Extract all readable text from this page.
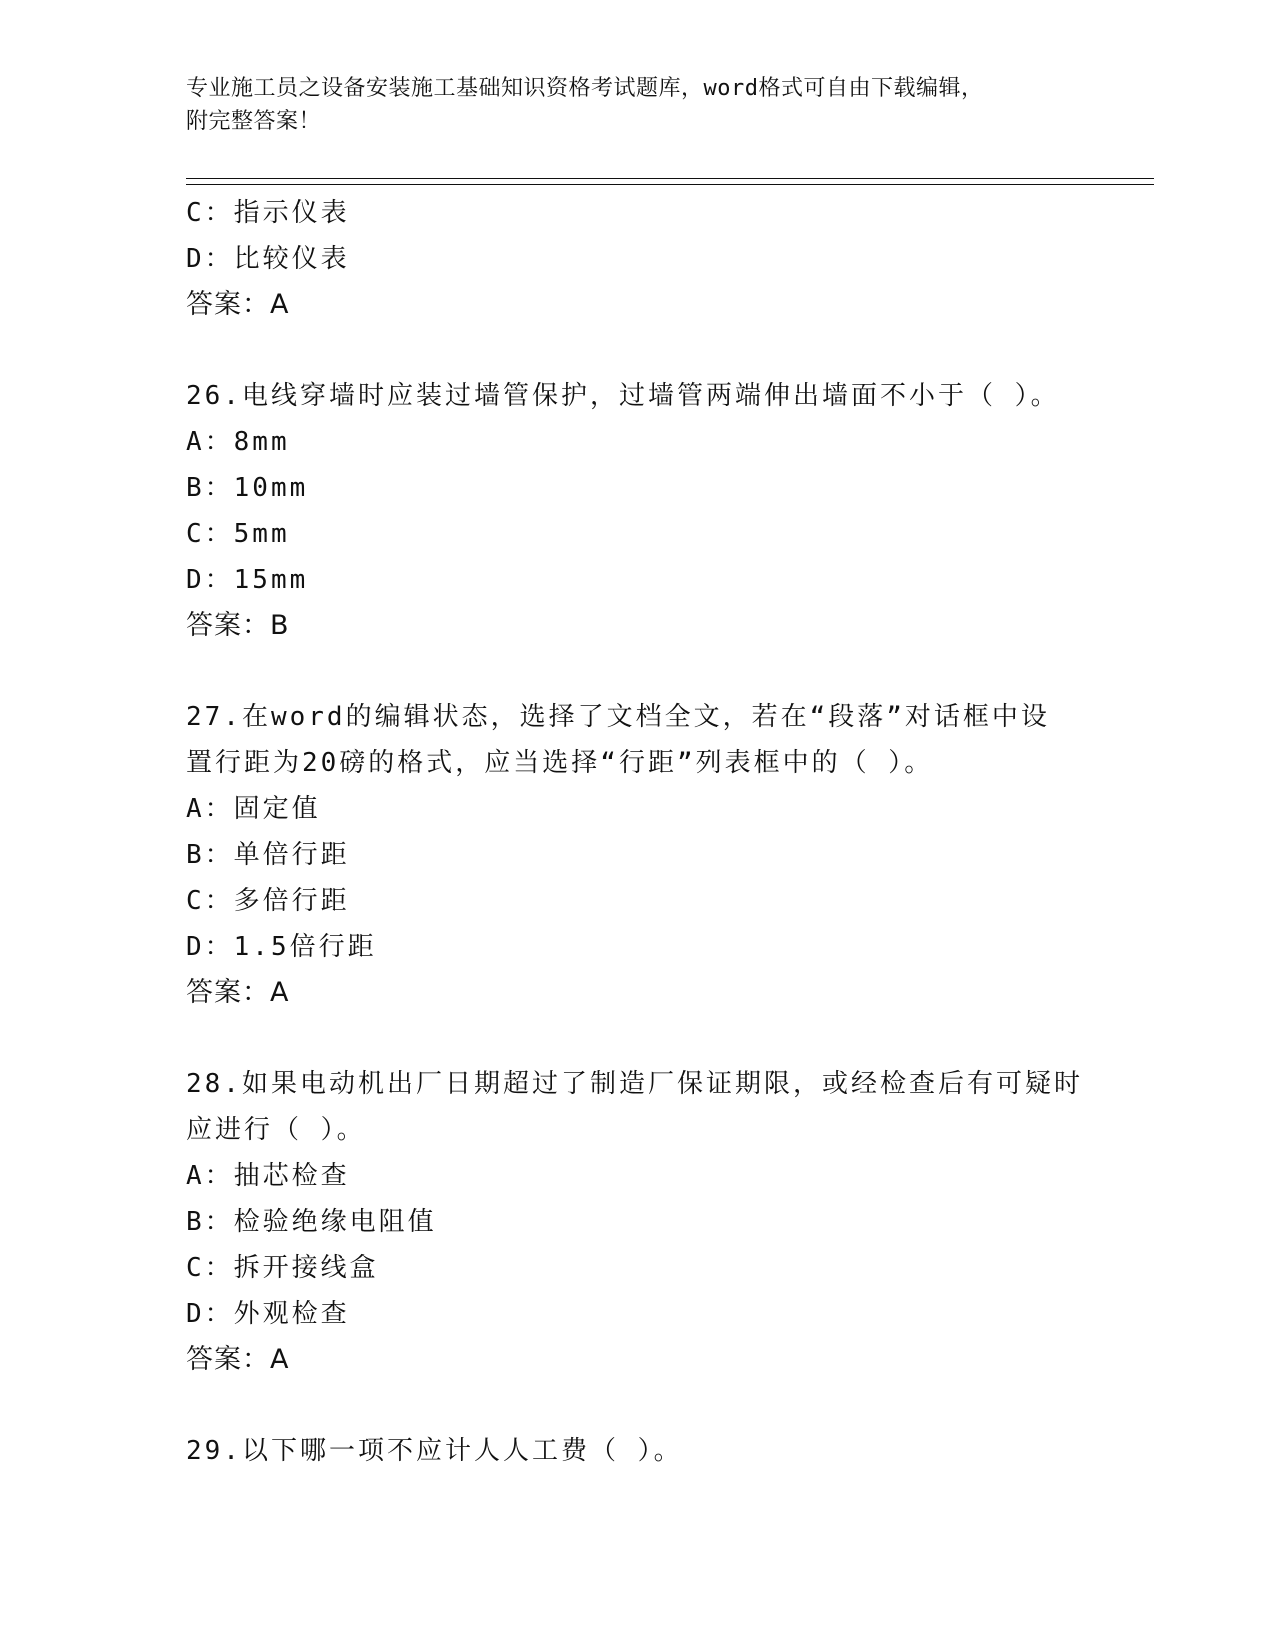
专业施工员之设备安装施工基础知识资格考试题库，word格式可自由下载编辑，
附完整答案！
C：指示仪表
D：比较仪表
答案：A
26.电线穿墙时应装过墙管保护，过墙管两端伸出墙面不小于（ ）。
A：8mm
B：10mm
C：5mm
D：15mm
答案：B
27.在word的编辑状态，选择了文档全文，若在“段落”对话框中设
置行距为20磅的格式，应当选择“行距”列表框中的（ ）。
A：固定值
B：单倍行距
C：多倍行距
D：1.5倍行距
答案：A
28.如果电动机出厂日期超过了制造厂保证期限，或经检查后有可疑时
应进行（ ）。
A：抽芯检查
B：检验绝缘电阻值
C：拆开接线盒
D：外观检查
答案：A
29.以下哪一项不应计人人工费（ ）。
